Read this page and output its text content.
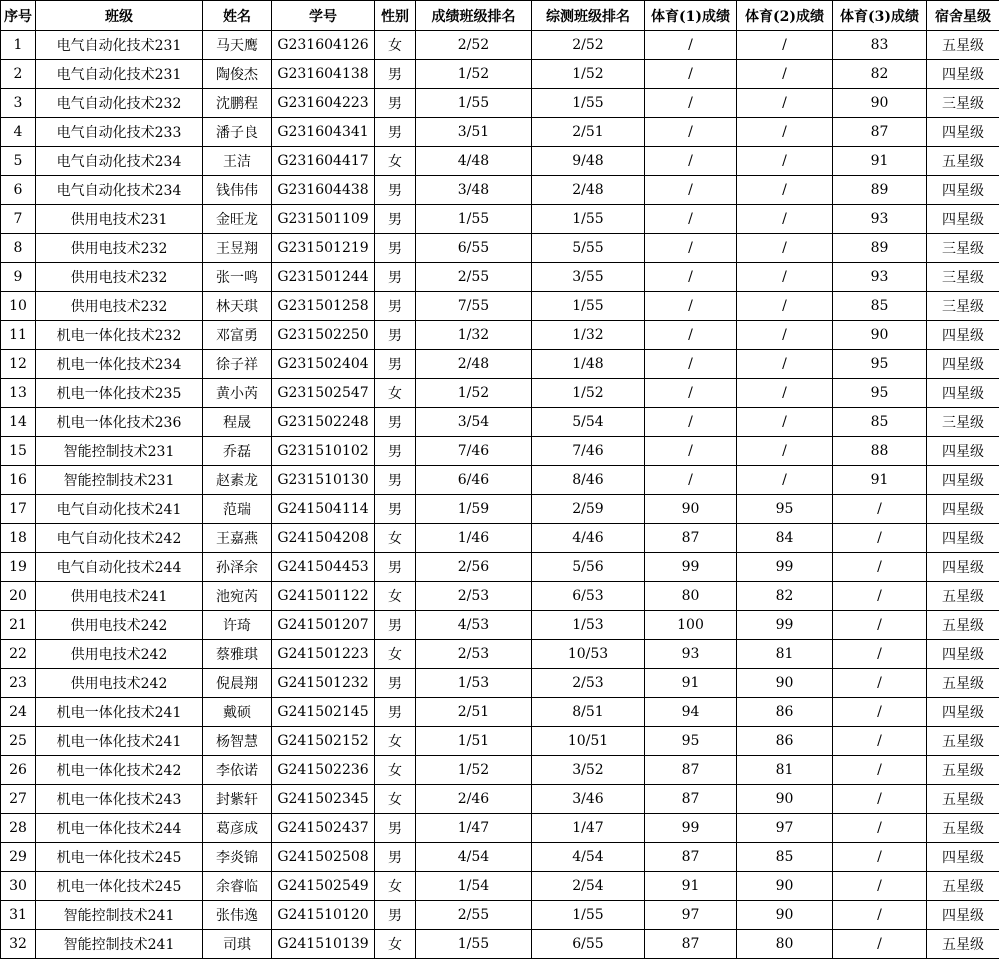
序号	班级	姓名	学号	性别	成绩班级排名	综测班级排名	体育(1)成绩	体育(2)成绩	体育(3)成绩	宿舍星级
1	电气自动化技术231	马天鹰	G231604126	女	2/52	2/52	/	/	83	五星级
2	电气自动化技术231	陶俊杰	G231604138	男	1/52	1/52	/	/	82	四星级
3	电气自动化技术232	沈鹏程	G231604223	男	1/55	1/55	/	/	90	三星级
4	电气自动化技术233	潘子良	G231604341	男	3/51	2/51	/	/	87	四星级
5	电气自动化技术234	王洁	G231604417	女	4/48	9/48	/	/	91	五星级
6	电气自动化技术234	钱伟伟	G231604438	男	3/48	2/48	/	/	89	四星级
7	供用电技术231	金旺龙	G231501109	男	1/55	1/55	/	/	93	四星级
8	供用电技术232	王昱翔	G231501219	男	6/55	5/55	/	/	89	三星级
9	供用电技术232	张一鸣	G231501244	男	2/55	3/55	/	/	93	三星级
10	供用电技术232	林天琪	G231501258	男	7/55	1/55	/	/	85	三星级
11	机电一体化技术232	邓富勇	G231502250	男	1/32	1/32	/	/	90	四星级
12	机电一体化技术234	徐子祥	G231502404	男	2/48	1/48	/	/	95	四星级
13	机电一体化技术235	黄小芮	G231502547	女	1/52	1/52	/	/	95	四星级
14	机电一体化技术236	程晟	G231502248	男	3/54	5/54	/	/	85	三星级
15	智能控制技术231	乔磊	G231510102	男	7/46	7/46	/	/	88	四星级
16	智能控制技术231	赵素龙	G231510130	男	6/46	8/46	/	/	91	四星级
17	电气自动化技术241	范瑞	G241504114	男	1/59	2/59	90	95	/	四星级
18	电气自动化技术242	王嘉燕	G241504208	女	1/46	4/46	87	84	/	四星级
19	电气自动化技术244	孙泽余	G241504453	男	2/56	5/56	99	99	/	四星级
20	供用电技术241	池宛芮	G241501122	女	2/53	6/53	80	82	/	五星级
21	供用电技术242	许琦	G241501207	男	4/53	1/53	100	99	/	五星级
22	供用电技术242	蔡雅琪	G241501223	女	2/53	10/53	93	81	/	四星级
23	供用电技术242	倪晨翔	G241501232	男	1/53	2/53	91	90	/	五星级
24	机电一体化技术241	戴硕	G241502145	男	2/51	8/51	94	86	/	四星级
25	机电一体化技术241	杨智慧	G241502152	女	1/51	10/51	95	86	/	五星级
26	机电一体化技术242	李依诺	G241502236	女	1/52	3/52	87	81	/	五星级
27	机电一体化技术243	封紫轩	G241502345	女	2/46	3/46	87	90	/	五星级
28	机电一体化技术244	葛彦成	G241502437	男	1/47	1/47	99	97	/	五星级
29	机电一体化技术245	李炎锦	G241502508	男	4/54	4/54	87	85	/	四星级
30	机电一体化技术245	余睿临	G241502549	女	1/54	2/54	91	90	/	五星级
31	智能控制技术241	张伟逸	G241510120	男	2/55	1/55	97	90	/	四星级
32	智能控制技术241	司琪	G241510139	女	1/55	6/55	87	80	/	五星级
